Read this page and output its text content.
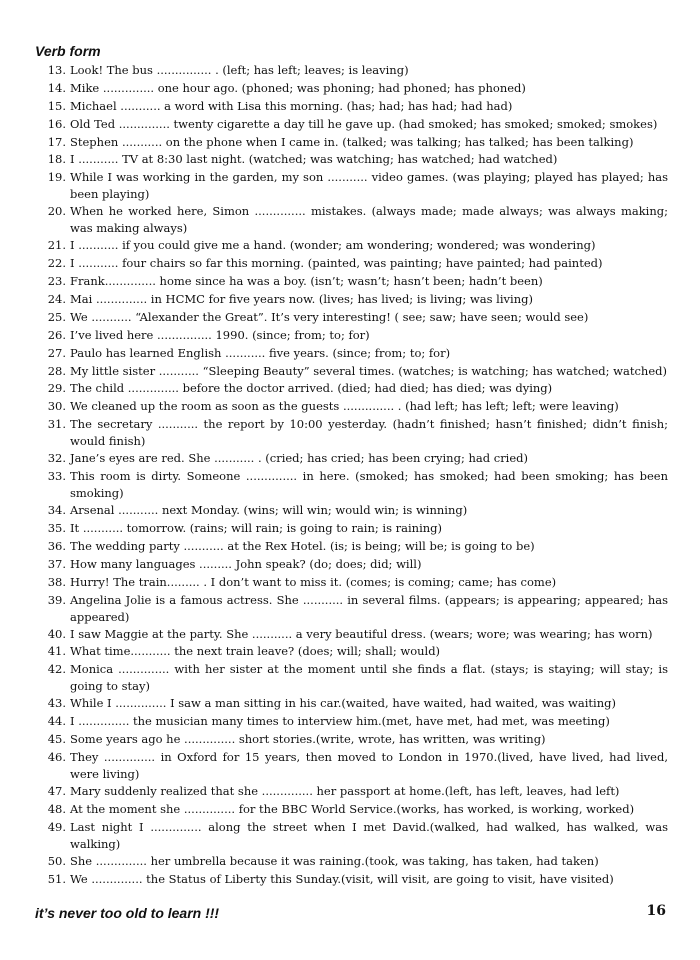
Verb form
13. Look! The bus ............... . (left; has left; leaves; is leaving)
14. Mike .............. one hour ago. (phoned; was phoning; had phoned; has phoned)
15. Michael ........... a word with Lisa this morning. (has; had; has had; had had)
16. Old Ted .............. twenty cigarette a day till he gave up. (had smoked; has smoked; smoked; smokes)
17. Stephen ........... on the phone when I came in. (talked; was talking; has talked; has been talking)
18. I ........... TV at 8:30 last night. (watched; was watching; has watched; had watched)
19. While I was working in the garden, my son ........... video games. (was playing; played has played; has been playing)
20. When he worked here, Simon .............. mistakes. (always made; made always; was always making; was making always)
21. I ........... if you could give me a hand. (wonder; am wondering; wondered; was wondering)
22. I ........... four chairs so far this morning. (painted, was painting; have painted; had painted)
23. Frank.............. home since ha was a boy. (isn’t; wasn’t; hasn’t been; hadn’t been)
24. Mai .............. in HCMC for five years now. (lives; has lived; is living; was living)
25. We ........... “Alexander the Great”. It’s very interesting! ( see; saw; have seen; would see)
26. I’ve lived here ............... 1990. (since; from; to; for)
27. Paulo has learned English ........... five years. (since; from; to; for)
28. My little sister ........... “Sleeping Beauty” several times. (watches; is watching; has watched; watched)
29. The child .............. before the doctor arrived. (died; had died; has died; was dying)
30. We cleaned up the room as soon as the guests .............. . (had left; has left; left; were leaving)
31. The secretary ........... the report by 10:00 yesterday. (hadn’t finished; hasn’t finished; didn’t finish; would finish)
32. Jane’s eyes are red. She ........... . (cried; has cried; has been crying; had cried)
33. This room is dirty. Someone .............. in here. (smoked; has smoked; had been smoking; has been smoking)
34. Arsenal ........... next Monday. (wins; will win; would win; is winning)
35. It ........... tomorrow. (rains; will rain; is going to rain; is raining)
36. The wedding party ........... at the Rex Hotel. (is; is being; will be; is going to be)
37. How many languages ......... John speak? (do; does; did; will)
38. Hurry! The train......... . I don’t want to miss it. (comes; is coming; came; has come)
39. Angelina Jolie is a famous actress. She ........... in several films. (appears; is appearing; appeared; has appeared)
40. I saw Maggie at the party. She ........... a very beautiful dress. (wears; wore; was wearing; has worn)
41. What time........... the next train leave? (does; will; shall; would)
42. Monica .............. with her sister at the moment until she finds a flat. (stays; is staying; will stay; is going to stay)
43. While I .............. I saw a man sitting in his car.(waited, have waited, had waited, was waiting)
44. I .............. the musician many times to interview him.(met, have met, had met, was meeting)
45. Some years ago he .............. short stories.(write, wrote, has written, was writing)
46. They .............. in Oxford for 15 years, then moved to London in 1970.(lived, have lived, had lived, were living)
47. Mary suddenly realized that she .............. her passport at home.(left, has left, leaves, had left)
48. At the moment she .............. for the BBC World Service.(works, has worked, is working, worked)
49. Last night I .............. along the street when I met David.(walked, had walked, has walked, was walking)
50. She .............. her umbrella because it was raining.(took, was taking, has taken, had taken)
51. We .............. the Status of Liberty this Sunday.(visit, will visit, are going to visit, have visited)
it’s never too old to learn !!!	16
